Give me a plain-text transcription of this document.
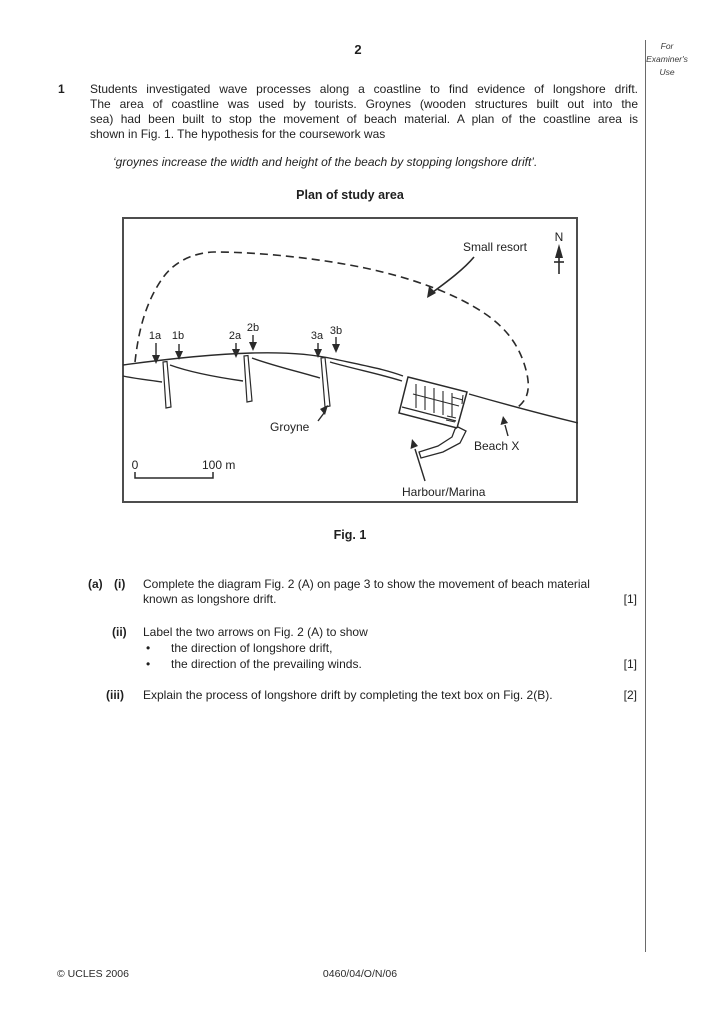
2	For
Examiner's
Use
1 Students investigated wave processes along a coastline to find evidence of longshore drift.
The area of coastline was used by tourists. Groynes (wooden structures built out into the
sea) had been built to stop the movement of beach material. A plan of the coastline area is
shown in Fig. 1. The hypothesis for the coursework was
‘groynes increase the width and height of the beach by stopping longshore drift’.
Plan of study area
N
Small resort
1a 1b	2a
2b
3a 3b
Groyne
Beach X
Harbour/Marina
0	100 m
Fig. 1
(a) (i) Complete the diagram Fig. 2 (A) on page 3 to show the movement of beach material
known as longshore drift.	[1]
(ii) Label the two arrows on Fig. 2 (A) to show
• the direction of longshore drift,
• the direction of the prevailing winds.	[1]
(iii) Explain the process of longshore drift by completing the text box on Fig. 2(B).	[2]
© UCLES 2006	0460/04/O/N/06
